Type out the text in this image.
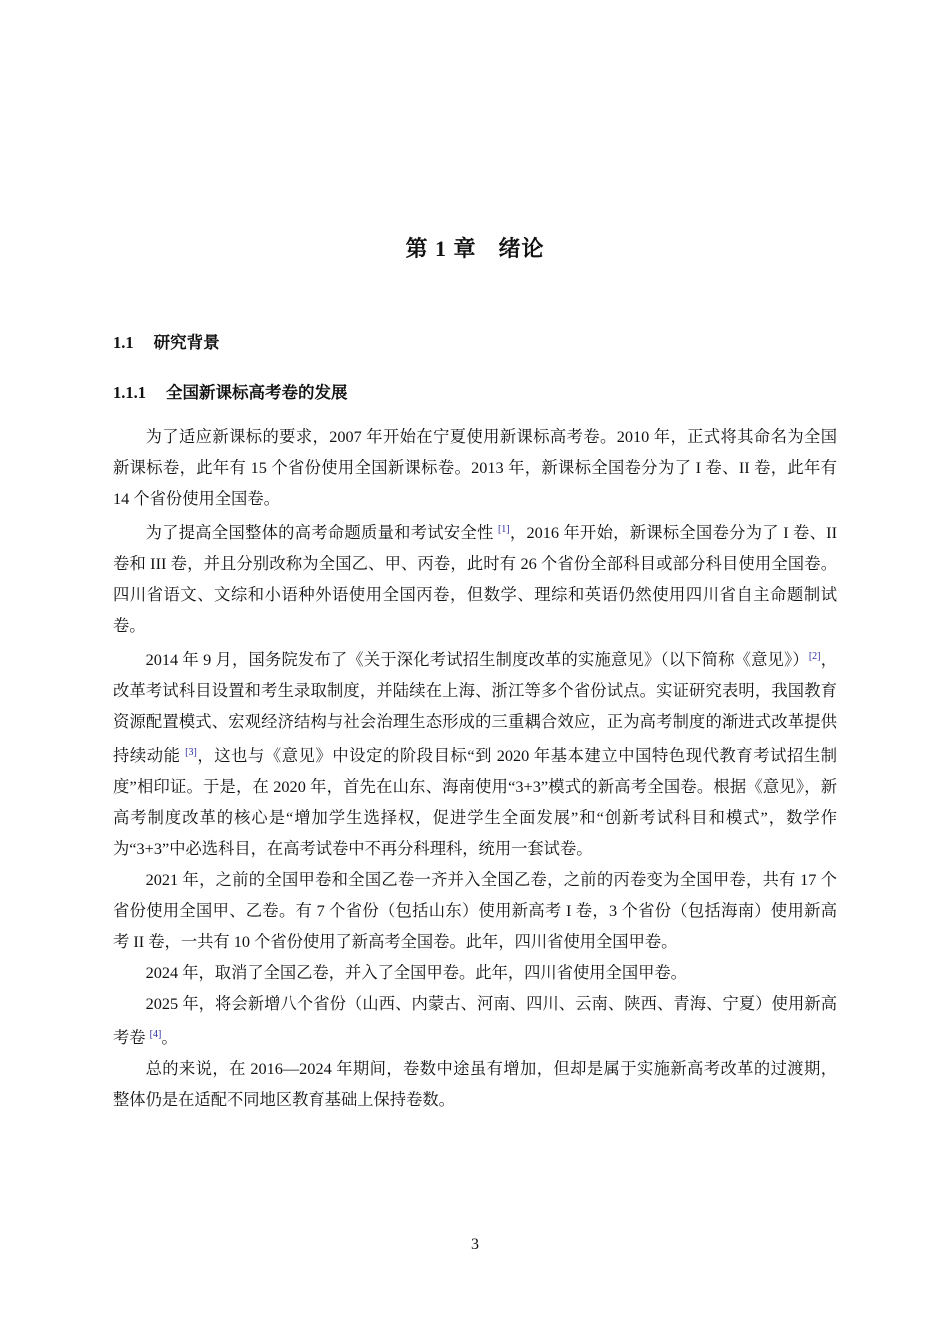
第 1 章 绪论
1.1 研究背景
1.1.1 全国新课标高考卷的发展

为了适应新课标的要求，2007 年开始在宁夏使用新课标高考卷。2010 年，正式将其命名为全国新课标卷，此年有 15 个省份使用全国新课标卷。2013 年，新课标全国卷分为了 I 卷、II 卷，此年有 14 个省份使用全国卷。

为了提高全国整体的高考命题质量和考试安全性 [1]，2016 年开始，新课标全国卷分为了 I 卷、II 卷和 III 卷，并且分别改称为全国乙、甲、丙卷，此时有 26 个省份全部科目或部分科目使用全国卷。四川省语文、文综和小语种外语使用全国丙卷，但数学、理综和英语仍然使用四川省自主命题制试卷。

2014 年 9 月，国务院发布了《关于深化考试招生制度改革的实施意见》（以下简称《意见》）[2]，改革考试科目设置和考生录取制度，并陆续在上海、浙江等多个省份试点。实证研究表明，我国教育资源配置模式、宏观经济结构与社会治理生态形成的三重耦合效应，正为高考制度的渐进式改革提供持续动能 [3]，这也与《意见》中设定的阶段目标“到 2020 年基本建立中国特色现代教育考试招生制度”相印证。于是，在 2020 年，首先在山东、海南使用“3+3”模式的新高考全国卷。根据《意见》，新高考制度改革的核心是“增加学生选择权，促进学生全面发展”和“创新考试科目和模式”，数学作为“3+3”中必选科目，在高考试卷中不再分科理科，统用一套试卷。

2021 年，之前的全国甲卷和全国乙卷一齐并入全国乙卷，之前的丙卷变为全国甲卷，共有 17 个省份使用全国甲、乙卷。有 7 个省份（包括山东）使用新高考 I 卷，3 个省份（包括海南）使用新高考 II 卷，一共有 10 个省份使用了新高考全国卷。此年，四川省使用全国甲卷。

2024 年，取消了全国乙卷，并入了全国甲卷。此年，四川省使用全国甲卷。

2025 年，将会新增八个省份（山西、内蒙古、河南、四川、云南、陕西、青海、宁夏）使用新高考卷 [4]。

总的来说，在 2016—2024 年期间，卷数中途虽有增加，但却是属于实施新高考改革的过渡期，整体仍是在适配不同地区教育基础上保持卷数。

3
